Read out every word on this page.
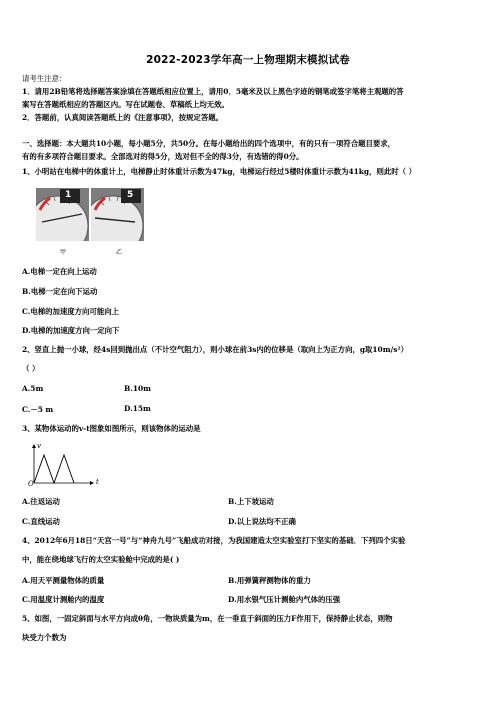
2022-2023学年高一上物理期末模拟试卷
请考生注意：
1．请用2B铅笔将选择题答案涂填在答题纸相应位置上，请用0．5毫米及以上黑色字迹的钢笔或签字笔将主观题的答
案写在答题纸相应的答题区内。写在试题卷、草稿纸上均无效。
2．答题前，认真阅读答题纸上的《注意事项》，按规定答题。
一、选择题：本大题共10小题，每小题5分，共50分。在每小题给出的四个选项中，有的只有一项符合题目要求，
有的有多项符合题目要求。全部选对的得5分，选对但不全的得3分，有选错的得0分。
1、小明站在电梯中的体重计上，电梯静止时体重计示数为47kg，电梯运行经过5楼时体重计示数为41kg，则此时（ ）
1	5
甲	乙
A.电梯一定在向上运动
B.电梯一定在向下运动
C.电梯的加速度方向可能向上
D.电梯的加速度方向一定向下
2、竖直上抛一小球，经4s回到抛出点（不计空气阻力），则小球在前3s内的位移是（取向上为正方向，g取10m/s²）
（ ）
A.5m	B.10m
C.－5 m	D.15m
3、某物体运动的v-t图象如图所示，则该物体的运动是
v
t
O
A.往返运动	B.上下坡运动
C.直线运动	D.以上说法均不正确
4、2012年6月18日“天宫一号”与“神舟九号”飞船成功对接，为我国建造太空实验室打下坚实的基础．下列四个实验
中，能在绕地球飞行的太空实验舱中完成的是( )
A.用天平测量物体的质量	B.用弹簧秤测物体的重力
C.用温度计测舱内的温度	D.用水银气压计测舱内气体的压强
5、如图，一固定斜面与水平方向成θ角，一物块质量为m，在一垂直于斜面的压力F作用下，保持静止状态，则物
块受力个数为
